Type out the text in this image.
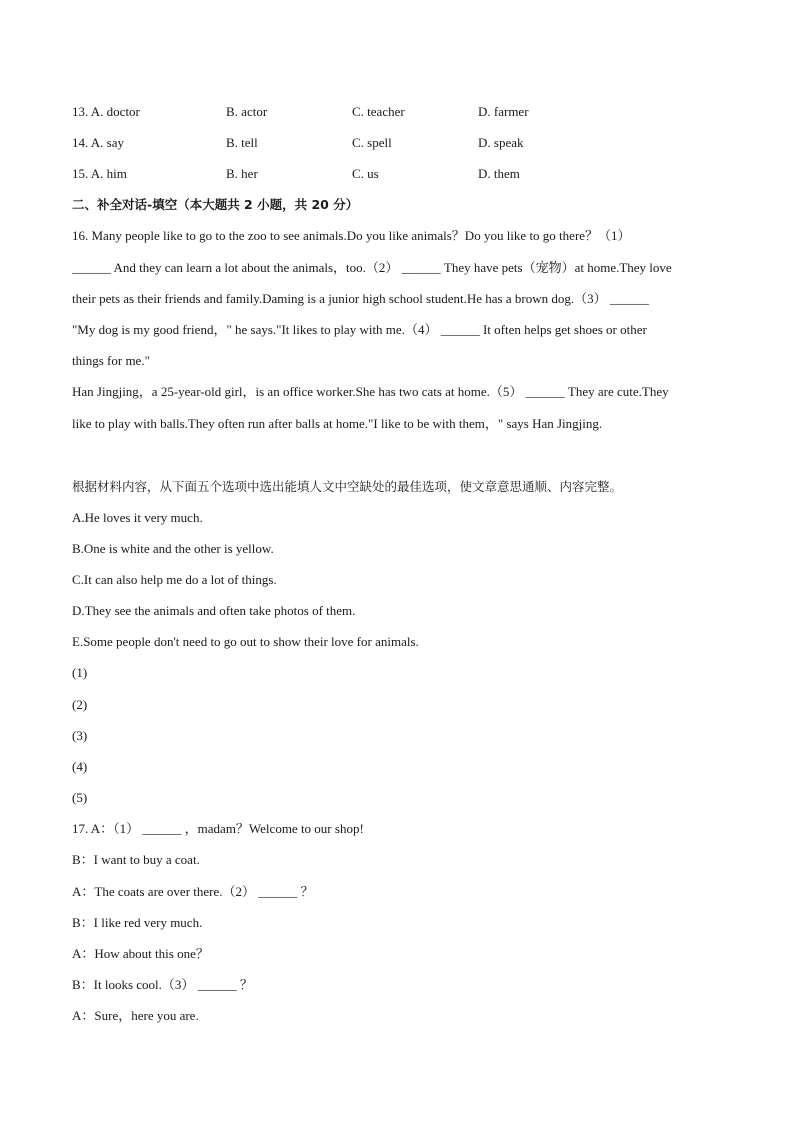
13. A. doctor	B. actor	C. teacher	D. farmer
14. A. say	B. tell	C. spell	D. speak
15. A. him	B. her	C. us	D. them
二、补全对话-填空（本大题共 2 小题，共 20 分）
16. Many people like to go to the zoo to see animals.Do you like animals？Do you like to go there？（1）
______ And they can learn a lot about the animals，too.（2） ______ They have pets（宠物）at home.They love
their pets as their friends and family.Daming is a junior high school student.He has a brown dog.（3） ______
"My dog is my good friend，" he says."It likes to play with me.（4） ______ It often helps get shoes or other
things for me."
Han Jingjing，a 25-year-old girl，is an office worker.She has two cats at home.（5） ______ They are cute.They
like to play with balls.They often run after balls at home."I like to be with them，" says Han Jingjing.
根据材料内容，从下面五个选项中选出能填人文中空缺处的最佳选项，使文章意思通顺、内容完整。
A.He loves it very much.
B.One is white and the other is yellow.
C.It can also help me do a lot of things.
D.They see the animals and often take photos of them.
E.Some people don't need to go out to show their love for animals.
(1)
(2)
(3)
(4)
(5)
17. A：（1） ______ ，madam？Welcome to our shop!
B：I want to buy a coat.
A：The coats are over there.（2） ______ ？
B：I like red very much.
A：How about this one？
B：It looks cool.（3） ______ ？
A：Sure，here you are.
